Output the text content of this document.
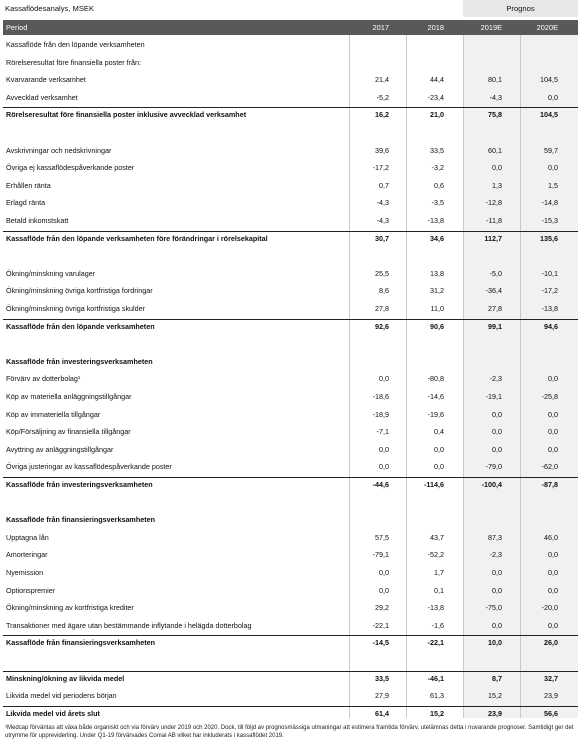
Kassaflödesanalys, MSEK	Prognos
Period	2017	2018	2019E	2020E
Kassaflöde från den löpande verksamheten
Rörelseresultat före finansiella poster från:
Kvarvarande verksamhet	21,4	44,4	80,1	104,5
Avvecklad verksamhet	-5,2	-23,4	-4,3	0,0
Rörelseresultat före finansiella poster inklusive avvecklad verksamhet	16,2	21,0	75,8	104,5
Avskrivningar och nedskrivningar	39,6	33,5	60,1	59,7
Övriga ej kassaflödespåverkande poster	-17,2	-3,2	0,0	0,0
Erhållen ränta	0,7	0,6	1,3	1,5
Erlagd ränta	-4,3	-3,5	-12,8	-14,8
Betald inkomstskatt	-4,3	-13,8	-11,8	-15,3
Kassaflöde från den löpande verksamheten före förändringar i rörelsekapital	30,7	34,6	112,7	135,6
Ökning/minskning varulager	25,5	13,8	-5,0	-10,1
Ökning/minskning övriga kortfristiga fordringar	8,6	31,2	-36,4	-17,2
Ökning/minskning övriga kortfristiga skulder	27,8	11,0	27,8	-13,8
Kassaflöde från den löpande verksamheten	92,6	90,6	99,1	94,6
Kassaflöde från investeringsverksamheten
Förvärv av dotterbolag¹	0,0	-80,8	-2,3	0,0
Köp av materiella anläggningstillgångar	-18,6	-14,6	-19,1	-25,8
Köp av immateriella tillgångar	-18,9	-19,6	0,0	0,0
Köp/Försäljning av finansiella tillgångar	-7,1	0,4	0,0	0,0
Avyttring av anläggningstillgångar	0,0	0,0	0,0	0,0
Övriga justeringar av kassaflödespåverkande poster	0,0	0,0	-79,0	-62,0
Kassaflöde från investeringsverksamheten	-44,6	-114,6	-100,4	-87,8
Kassaflöde från finansieringsverksamheten
Upptagna lån	57,5	43,7	87,3	46,0
Amorteringar	-79,1	-52,2	-2,3	0,0
Nyemission	0,0	1,7	0,0	0,0
Optionspremier	0,0	0,1	0,0	0,0
Ökning/minskning av kortfristiga krediter	29,2	-13,8	-75,0	-20,0
Transaktioner med ägare utan bestämmande inflytande i helägda dotterbolag	-22,1	-1,6	0,0	0,0
Kassaflöde från finansieringsverksamheten	-14,5	-22,1	10,0	26,0
Minskning/ökning av likvida medel	33,5	-46,1	8,7	32,7
Likvida medel vid periodens början	27,9	61,3	15,2	23,9
Likvida medel vid årets slut	61,4	15,2	23,9	56,6
¹Medcap förväntas att växa både organiskt och via förvärv under 2019 och 2020. Dock, till följd av prognosmässiga utmaningar att estimera framtida förvärv, utelämnas detta i nuvarande prognoser. Samtidigt ger det utrymme för uppreviderling. Under Q1-19 förvärvades Comai AB vilket har inkluderats i kassaflödet 2019.
